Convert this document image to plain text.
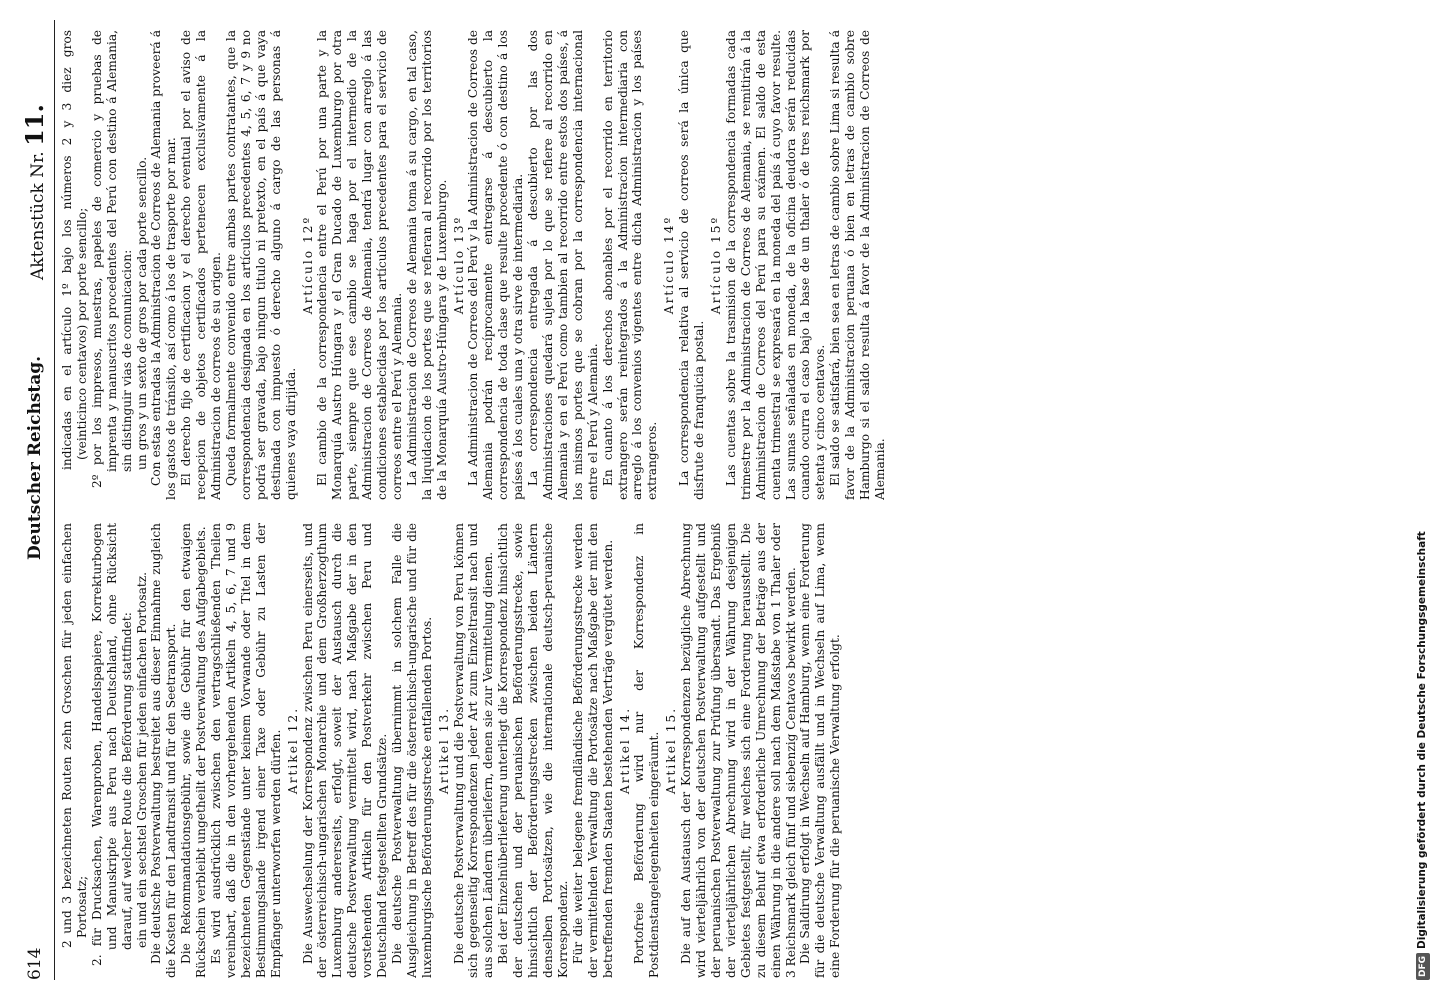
614
Deutscher Reichstag.
Aktenstück Nr. 11.

2 und 3 bezeichneten Routen zehn Groschen für jeden einfachen Portosatz; 2. für Drucksachen, Warenproben, Handelspapiere, Korrekturbogen und Manuskripte aus Peru nach Deutschland, ohne Rücksicht darauf, auf welcher Route die Beförderung stattfindet: ein und ein sechstel Groschen für jeden einfachen Portosatz. Die deutsche Postverwaltung bestreitet aus dieser Einnahme zugleich die Kosten für den Landtransit und für den Seetransport. Die Rekommandationsgebühr, sowie die Gebühr für den etwaigen Rückschein verbleibt ungetheilt der Postverwaltung des Aufgabegebiets. Es wird ausdrücklich zwischen den vertragschließenden Theilen vereinbart, daß die in den vorhergehenden Artikeln 4, 5, 6, 7 und 9 bezeichneten Gegenstände unter keinem Vorwande oder Titel in dem Bestimmungslande irgend einer Taxe oder Gebühr zu Lasten der Empfänger unterworfen werden dürfen. Artikel 12. Die Auswechselung der Korrespondenz zwischen Peru einerseits, und der österreichisch-ungarischen Monarchie und dem Großherzogthum Luxemburg andererseits, erfolgt, soweit der Austausch durch die deutsche Postverwaltung vermittelt wird, nach Maßgabe der in den vorstehenden Artikeln für den Postverkehr zwischen Peru und Deutschland festgestellten Grundsätze. Die deutsche Postverwaltung übernimmt in solchem Falle die Ausgleichung in Betreff des für die österreichisch-ungarische und für die luxemburgische Beförderungsstrecke entfallenden Portos. Artikel 13. Die deutsche Postverwaltung und die Postverwaltung von Peru können sich gegenseitig Korrespondenzen jeder Art zum Einzeltransit nach und aus solchen Ländern überliefern, denen sie zur Vermittelung dienen. Bei der Einzelnüberlieferung unterliegt die Korrespondenz hinsichtlich der deutschen und der peruanischen Beförderungsstrecke, sowie hinsichtlich der Beförderungsstrecken zwischen beiden Ländern denselben Portosätzen, wie die internationale deutsch-peruanische Korrespondenz. Für die weiter belegene fremdländische Beförderungsstrecke werden der vermittelnden Verwaltung die Portosätze nach Maßgabe der mit den betreffenden fremden Staaten bestehenden Verträge vergütet werden. Artikel 14. Portofreie Beförderung wird nur der Korrespondenz in Postdienstangelegenheiten eingeräumt. Artikel 15. Die auf den Austausch der Korrespondenzen bezügliche Abrechnung wird vierteljährlich von der deutschen Postverwaltung aufgestellt und der peruanischen Postverwaltung zur Prüfung übersandt. Das Ergebniß der vierteljährlichen Abrechnung wird in der Währung desjenigen Gebietes festgestellt, für welches sich eine Forderung herausstellt. Die zu diesem Behuf etwa erforderliche Umrechnung der Beträge aus der einen Währung in die andere soll nach dem Maßstabe von 1 Thaler oder 3 Reichsmark gleich fünf und siebenzig Centavos bewirkt werden. Die Saldirung erfolgt in Wechseln auf Hamburg, wenn eine Forderung für die deutsche Verwaltung ausfällt und in Wechseln auf Lima, wenn eine Forderung für die peruanische Verwaltung erfolgt.

indicadas en el artículo 1º bajo los números 2 y 3 diez gros (veinticinco centavos) por porte sencillo; 2º por los impresos, muestras, papeles de comercio y pruebas de imprenta y manuscritos procedentes del Perú con destino á Alemania, sin distinguir vias de comunicacion: un gros y un sexto de gros por cada porte sencillo. Con estas entradas la Administracion de Correos de Alemania proveerá á los gastos de tránsito, así como á los de trasporte por mar. El derecho fijo de certificacion y el derecho eventual por el aviso de recepcion de objetos certificados pertenecen exclusivamente á la Administracion de correos de su origen. Queda formalmente convenido entre ambas partes contratantes, que la correspondencia designada en los artículos precedentes 4, 5, 6, 7 y 9 no podrá ser gravada, bajo ningun titulo ni pretexto, en el país á que vaya destinada con impuesto ó derecho alguno á cargo de las personas á quienes vaya dirijida.

Artículo 12º El cambio de la correspondencia entre el Perú por una parte y la Monarquía Austro Húngara y el Gran Ducado de Luxemburgo por otra parte, siempre que ese cambio se haga por el intermedio de la Administracion de Correos de Alemania, tendrá lugar con arreglo á las condiciones establecidas por los artículos precedentes para el servicio de correos entre el Perú y Alemania. La Administracion de Correos de Alemania toma á su cargo, en tal caso, la liquidacion de los portes que se refieran al recorrido por los territorios de la Monarquía Austro-Húngara y de Luxemburgo. Artículo 13º La Administracion de Correos del Perú y la Administracion de Correos de Alemania podrán recíprocamente entregarse á descubierto la correspondencia de toda clase que resulte procedente ó con destino á los países á los cuales una y otra sirve de intermediaria. La correspondencia entregada á descubierto por las dos Administraciones quedará sujeta por lo que se refiere al recorrido en Alemania y en el Perú como tambien al recorrido entre estos dos países, á los mismos portes que se cobran por la correspondencia internacional entre el Perú y Alemania. En cuanto á los derechos abonables por el recorrido en territorio extrangero serán reintegrados á la Administracion intermediaria con arreglo á los convenios vigentes entre dicha Administracion y los países extrangeros.

Artículo 14º La correspondencia relativa al servicio de correos será la única que disfrute de franquicia postal.

Artículo 15º Las cuentas sobre la trasmision de la correspondencia formadas cada trimestre por la Administracion de Correos de Alemania, se remitirán á la Administracion de Correos del Perú para su exámen. El saldo de esta cuenta trimestral se expresará en la moneda del país á cuyo favor resulte. Las sumas señaladas en moneda, de la oficina deudora serán reducidas cuando ocurra el caso bajo la base de un thaler ó de tres reichsmark por setenta y cinco centavos. El saldo se satisfará, bien sea en letras de cambio sobre Lima si resulta á favor de la Administracion peruana ó bien en letras de cambio sobre Hamburgo si el saldo resulta á favor de la Administracion de Correos de Alemania.

DFGDigitalisierung gefördert durch die Deutsche Forschungsgemeinschaft
